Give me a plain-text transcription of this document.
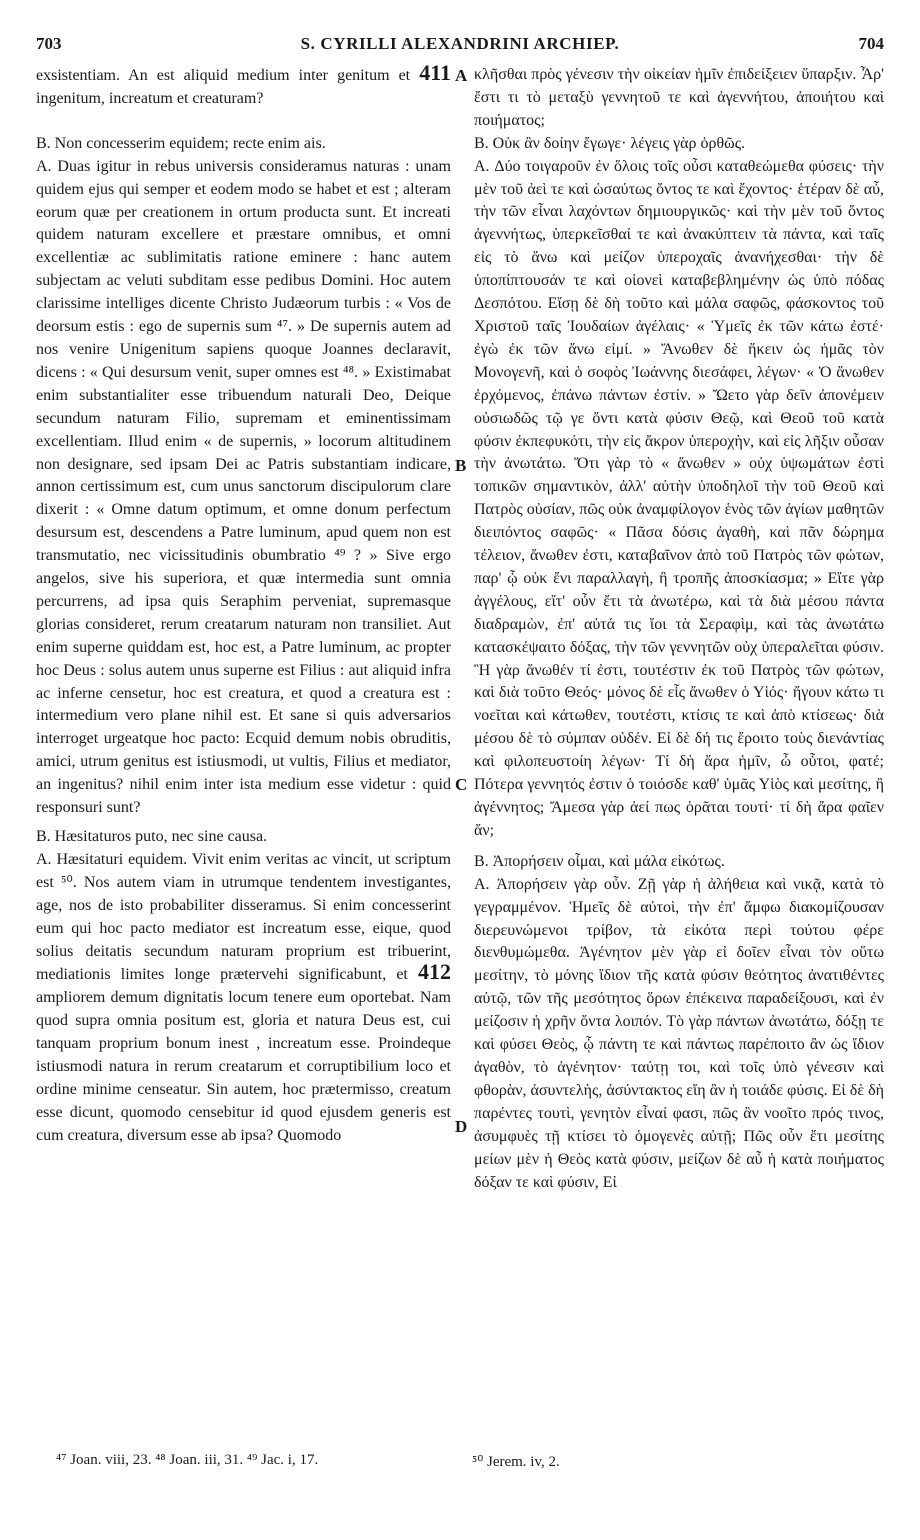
703	S. CYRILLI ALEXANDRINI ARCHIEP.	704

exsistentiam. An est aliquid medium inter genitum et 411 ingenitum, increatum et creaturam?

B. Non concesserim equidem; recte enim ais.

A. Duas igitur in rebus universis consideramus naturas : unam quidem ejus qui semper et eodem modo se habet et est ; alteram eorum quæ per creationem in ortum producta sunt. Et increati quidem naturam excellere et præstare omnibus, et omni excellentiæ ac sublimitatis ratione eminere : hanc autem subjectam ac veluti subditam esse pedibus Domini. Hoc autem clarissime intelliges dicente Christo Judæorum turbis : « Vos de deorsum estis : ego de supernis sum ⁴⁷. » De supernis autem ad nos venire Unigenitum sapiens quoque Joannes declaravit, dicens : « Qui desursum venit, super omnes est ⁴⁸. » Existimabat enim substantialiter esse tribuendum naturali Deo, Deique secundum naturam Filio, supremam et eminentissimam excellentiam. Illud enim « de supernis, » locorum altitudinem non designare, sed ipsam Dei ac Patris substantiam indicare, annon certissimum est, cum unus sanctorum discipulorum clare dixerit : « Omne datum optimum, et omne donum perfectum desursum est, descendens a Patre luminum, apud quem non est transmutatio, nec vicissitudinis obumbratio ⁴⁹ ? » Sive ergo angelos, sive his superiora, et quæ intermedia sunt omnia percurrens, ad ipsa quis Seraphim perveniat, supremasque glorias consideret, rerum creatarum naturam non transiliet. Aut enim superne quiddam est, hoc est, a Patre luminum, ac propter hoc Deus : solus autem unus superne est Filius : aut aliquid infra ac inferne censetur, hoc est creatura, et quod a creatura est : intermedium vero plane nihil est. Et sane si quis adversarios interroget urgeatque hoc pacto: Ecquid demum nobis obruditis, amici, utrum genitus est istiusmodi, ut vultis, Filius et mediator, an ingenitus? nihil enim inter ista medium esse videtur : quid responsuri sunt?

B. Hæsitaturos puto, nec sine causa.

A. Hæsitaturi equidem. Vivit enim veritas ac vincit, ut scriptum est ⁵⁰. Nos autem viam in utrumque tendentem investigantes, age, nos de isto probabiliter disseramus. Si enim concesserint eum qui hoc pacto mediator est increatum esse, eique, quod solius deitatis secundum naturam proprium est tribuerint, mediationis limites longe prætervehi significabunt, et 412 ampliorem demum dignitatis locum tenere eum oportebat. Nam quod supra omnia positum est, gloria et natura Deus est, cui tanquam proprium bonum inest , increatum esse. Proindeque istiusmodi natura in rerum creatarum et corruptibilium loco et ordine minime censeatur. Sin autem, hoc prætermisso, creatum esse dicunt, quomodo censebitur id quod ejusdem generis est cum creatura, diversum esse ab ipsa? Quomodo

A
B
C
D

κλῆσθαι πρὸς γένεσιν τὴν οἰκείαν ἡμῖν ἐπιδείξειεν ὕπαρξιν. Ἆρ' ἔστι τι τὸ μεταξὺ γεννητοῦ τε καὶ ἀγεννήτου, ἀποιήτου καὶ ποιήματος;

B. Οὐκ ἂν δοίην ἔγωγε· λέγεις γὰρ ὀρθῶς.

A. Δύο τοιγαροῦν ἐν ὅλοις τοῖς οὖσι καταθεώμεθα φύσεις· τὴν μὲν τοῦ ἀεὶ τε καὶ ὡσαύτως ὄντος τε καὶ ἔχοντος· ἑτέραν δὲ αὖ, τὴν τῶν εἶναι λαχόντων δημιουργικῶς· καὶ τὴν μὲν τοῦ ὄντος ἀγεννήτως, ὑπερκεῖσθαί τε καὶ ἀνακύπτειν τὰ πάντα, καὶ ταῖς εἰς τὸ ἄνω καὶ μείζον ὑπεροχαῖς ἀνανήχεσθαι· τὴν δὲ ὑποπίπτουσάν τε καὶ οἱονεὶ καταβεβλημένην ὡς ὑπὸ πόδας Δεσπότου. Εἴσῃ δὲ δὴ τοῦτο καὶ μάλα σαφῶς, φάσκοντος τοῦ Χριστοῦ ταῖς Ἰουδαίων ἀγέλαις· « Ὑμεῖς ἐκ τῶν κάτω ἐστέ· ἐγὼ ἐκ τῶν ἄνω εἰμί. » Ἄνωθεν δὲ ἥκειν ὡς ἡμᾶς τὸν Μονογενῆ, καὶ ὁ σοφὸς Ἰωάννης διεσάφει, λέγων· « Ὁ ἄνωθεν ἐρχόμενος, ἐπάνω πάντων ἐστίν. » Ὤετο γὰρ δεῖν ἀπονέμειν οὐσιωδῶς τῷ γε ὄντι κατὰ φύσιν Θεῷ, καὶ Θεοῦ τοῦ κατὰ φύσιν ἐκπεφυκότι, τὴν εἰς ἄκρον ὑπεροχὴν, καὶ εἰς λῆξιν οὖσαν τὴν ἀνωτάτω. Ὅτι γὰρ τὸ « ἄνωθεν » οὐχ ὑψωμάτων ἐστὶ τοπικῶν σημαντικὸν, ἀλλ' αὐτὴν ὑποδηλοῖ τὴν τοῦ Θεοῦ καὶ Πατρὸς οὐσίαν, πῶς οὐκ ἀναμφίλογον ἑνὸς τῶν ἁγίων μαθητῶν διειπόντος σαφῶς· « Πᾶσα δόσις ἀγαθὴ, καὶ πᾶν δώρημα τέλειον, ἄνωθεν ἐστι, καταβαῖνον ἀπὸ τοῦ Πατρὸς τῶν φώτων, παρ' ᾧ οὐκ ἔνι παραλλαγὴ, ἢ τροπῆς ἀποσκίασμα; » Εἴτε γὰρ ἀγγέλους, εἴτ' οὖν ἔτι τὰ ἀνωτέρω, καὶ τὰ διὰ μέσου πάντα διαδραμὼν, ἐπ' αὐτά τις ἴοι τὰ Σεραφὶμ, καὶ τὰς ἀνωτάτω κατασκέψαιτο δόξας, τὴν τῶν γεννητῶν οὐχ ὑπεραλεῖται φύσιν. Ἢ γὰρ ἄνωθέν τί ἐστι, τουτέστιν ἐκ τοῦ Πατρὸς τῶν φώτων, καὶ διὰ τοῦτο Θεός· μόνος δὲ εἷς ἄνωθεν ὁ Υἱός· ἤγουν κάτω τι νοεῖται καὶ κάτωθεν, τουτέστι, κτίσις τε καὶ ἀπὸ κτίσεως· διὰ μέσου δὲ τὸ σύμπαν οὐδέν. Εἰ δὲ δή τις ἔροιτο τοὺς διενάντίας καὶ φιλοπευστοίη λέγων· Τί δὴ ἄρα ἡμῖν, ὦ οὗτοι, φατέ; Πότερα γεννητός ἐστιν ὁ τοιόσδε καθ' ὑμᾶς Υἱὸς καὶ μεσίτης, ἢ ἀγέννητος; Ἄμεσα γὰρ ἀεί πως ὁρᾶται τουτί· τί δὴ ἄρα φαῖεν ἄν;

B. Ἀπορήσειν οἶμαι, καὶ μάλα εἰκότως.

A. Ἀπορήσειν γὰρ οὖν. Ζῇ γὰρ ἡ ἀλήθεια καὶ νικᾷ, κατὰ τὸ γεγραμμένον. Ἡμεῖς δὲ αὐτοὶ, τὴν ἐπ' ἄμφω διακομίζουσαν διερευνώμενοι τρίβον, τὰ εἰκότα περὶ τούτου φέρε διενθυμώμεθα. Ἀγένητον μὲν γὰρ εἰ δοῖεν εἶναι τὸν οὕτω μεσίτην, τὸ μόνης ἴδιον τῆς κατὰ φύσιν θεότητος ἀνατιθέντες αὐτῷ, τῶν τῆς μεσότητος ὅρων ἐπέκεινα παραδείξουσι, καὶ ἐν μείζοσιν ἡ χρῆν ὄντα λοιπόν. Τὸ γὰρ πάντων ἀνωτάτω, δόξῃ τε καὶ φύσει Θεὸς, ᾧ πάντη τε καὶ πάντως παρέποιτο ἂν ὡς ἴδιον ἀγαθὸν, τὸ ἀγένητον· ταύτῃ τοι, καὶ τοῖς ὑπὸ γένεσιν καὶ φθορὰν, ἀσυντελὴς, ἀσύντακτος εἴη ἂν ἡ τοιάδε φύσις. Εἰ δὲ δὴ παρέντες τουτὶ, γενητὸν εἶναί φασι, πῶς ἂν νοοῖτο πρός τινος, ἀσυμφυὲς τῇ κτίσει τὸ ὁμογενὲς αὐτῇ; Πῶς οὖν ἔτι μεσίτης μείων μὲν ἡ Θεὸς κατὰ φύσιν, μείζων δὲ αὖ ἡ κατὰ ποιήματος δόξαν τε καὶ φύσιν, Εἰ

⁴⁷ Joan. viii, 23. ⁴⁸ Joan. iii, 31. ⁴⁹ Jac. i, 17.	⁵⁰ Jerem. iv, 2.
